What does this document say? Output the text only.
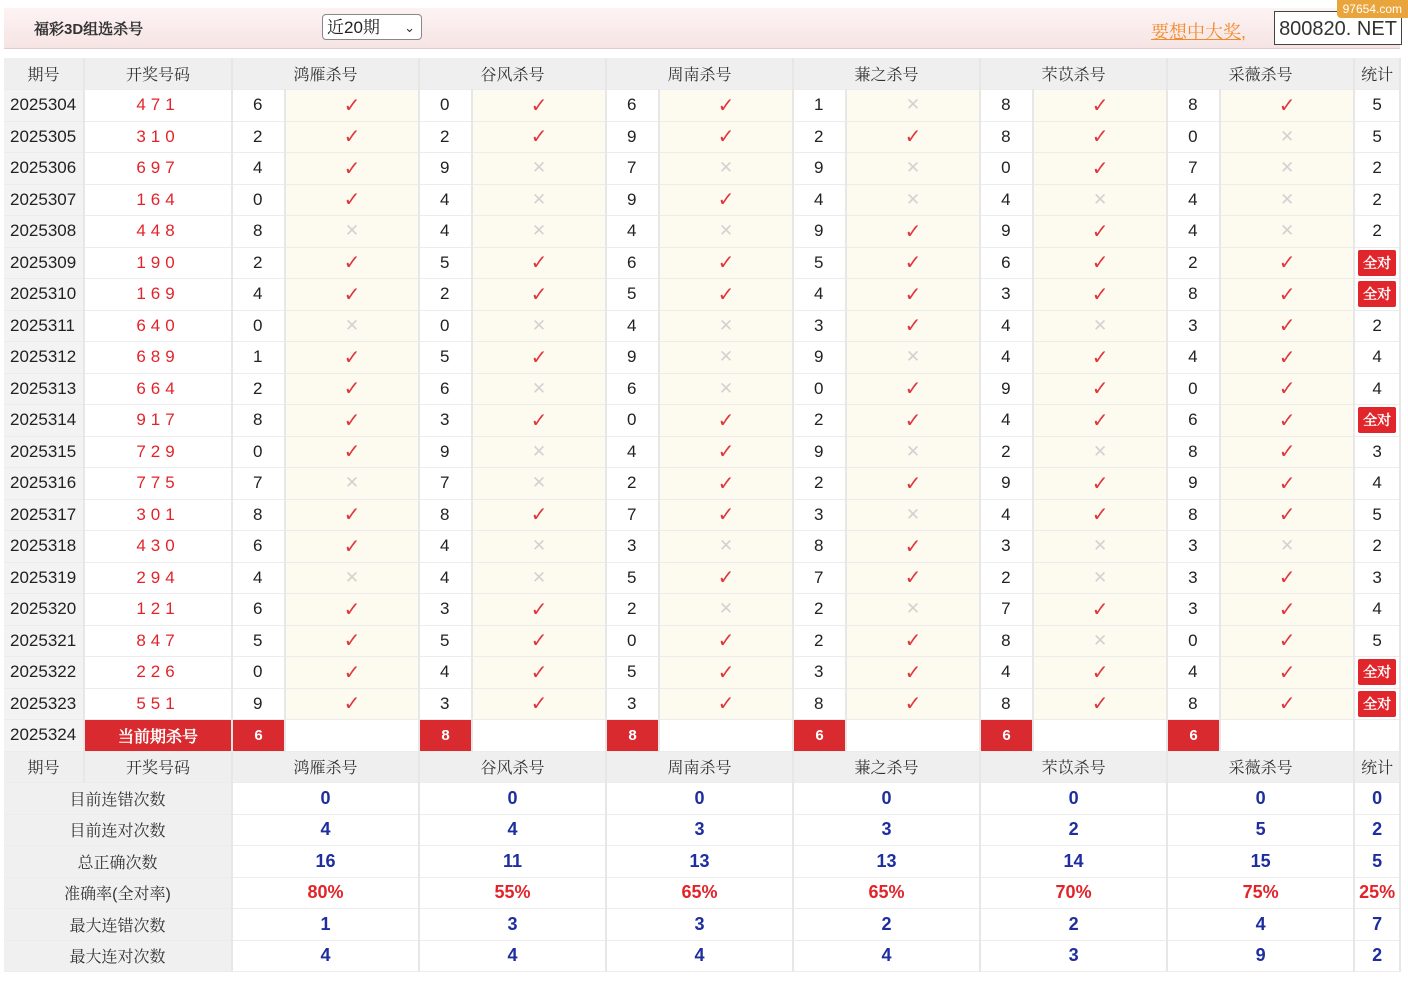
福彩3D组选杀号	近20期 ⌄	要想中大奖,	800820. NET
97654.com
期号	开奖号码	鸿雁杀号		谷风杀号		周南杀号		蒹之杀号		芣苡杀号		采薇杀号		统计
2025304	471	6	✓	0	✓	6	✓	1	✕	8	✓	8	✓	5
2025305	310	2	✓	2	✓	9	✓	2	✓	8	✓	0	✕	5
2025306	697	4	✓	9	✕	7	✕	9	✕	0	✓	7	✕	2
2025307	164	0	✓	4	✕	9	✓	4	✕	4	✕	4	✕	2
2025308	448	8	✕	4	✕	4	✕	9	✓	9	✓	4	✕	2
2025309	190	2	✓	5	✓	6	✓	5	✓	6	✓	2	✓	全对
2025310	169	4	✓	2	✓	5	✓	4	✓	3	✓	8	✓	全对
2025311	640	0	✕	0	✕	4	✕	3	✓	4	✕	3	✓	2
2025312	689	1	✓	5	✓	9	✕	9	✕	4	✓	4	✓	4
2025313	664	2	✓	6	✕	6	✕	0	✓	9	✓	0	✓	4
2025314	917	8	✓	3	✓	0	✓	2	✓	4	✓	6	✓	全对
2025315	729	0	✓	9	✕	4	✓	9	✕	2	✕	8	✓	3
2025316	775	7	✕	7	✕	2	✓	2	✓	9	✓	9	✓	4
2025317	301	8	✓	8	✓	7	✓	3	✕	4	✓	8	✓	5
2025318	430	6	✓	4	✕	3	✕	8	✓	3	✕	3	✕	2
2025319	294	4	✕	4	✕	5	✓	7	✓	2	✕	3	✓	3
2025320	121	6	✓	3	✓	2	✕	2	✕	7	✓	3	✓	4
2025321	847	5	✓	5	✓	0	✓	2	✓	8	✕	0	✓	5
2025322	226	0	✓	4	✓	5	✓	3	✓	4	✓	4	✓	全对
2025323	551	9	✓	3	✓	3	✓	8	✓	8	✓	8	✓	全对
2025324	当前期杀号	6		8		8		6		6		6		
期号	开奖号码	鸿雁杀号		谷风杀号		周南杀号		蒹之杀号		芣苡杀号		采薇杀号		统计
目前连错次数		0		0		0		0		0		0		0
目前连对次数		4		4		3		3		2		5		2
总正确次数		16		11		13		13		14		15		5
准确率(全对率)		80%		55%		65%		65%		70%		75%		25%
最大连错次数		1		3		3		2		2		4		7
最大连对次数		4		4		4		4		3		9		2
